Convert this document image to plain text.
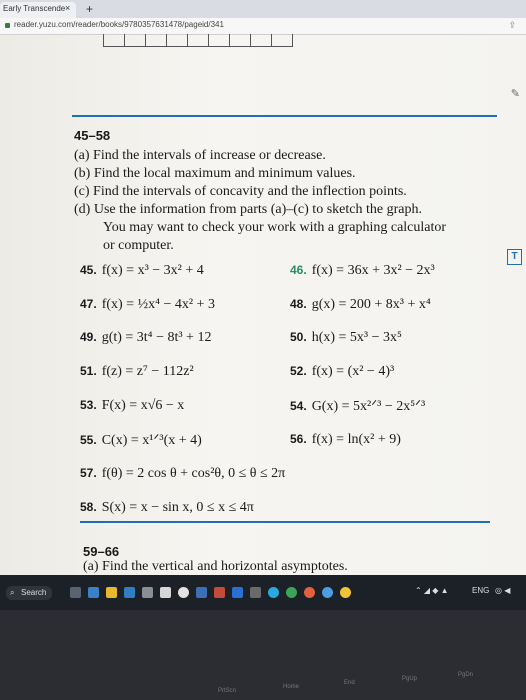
Early Transcende × +
reader.yuzu.com/reader/books/9780357631478/pageid/341	⇪
✎
T
45–58
(a) Find the intervals of increase or decrease.
(b) Find the local maximum and minimum values.
(c) Find the intervals of concavity and the inflection points.
(d) Use the information from parts (a)–(c) to sketch the graph.
You may want to check your work with a graphing calculator
or computer.
45. f(x) = x³ − 3x² + 4	46. f(x) = 36x + 3x² − 2x³
47. f(x) = ½x⁴ − 4x² + 3	48. g(x) = 200 + 8x³ + x⁴
49. g(t) = 3t⁴ − 8t³ + 12	50. h(x) = 5x³ − 3x⁵
51. f(z) = z⁷ − 112z²	52. f(x) = (x² − 4)³
53. F(x) = x√6 − x	54. G(x) = 5x²ᐟ³ − 2x⁵ᐟ³
55. C(x) = x¹ᐟ³(x + 4)	56. f(x) = ln(x² + 9)
57. f(θ) = 2 cos θ + cos²θ, 0 ≤ θ ≤ 2π
58. S(x) = x − sin x, 0 ≤ x ≤ 4π
59–66
(a) Find the vertical and horizontal asymptotes.
⌕ Search	⌃ ◢ ◆ ▲	ENG ◎ ◀
PrtScn
Home
End
PgUp
PgDn
